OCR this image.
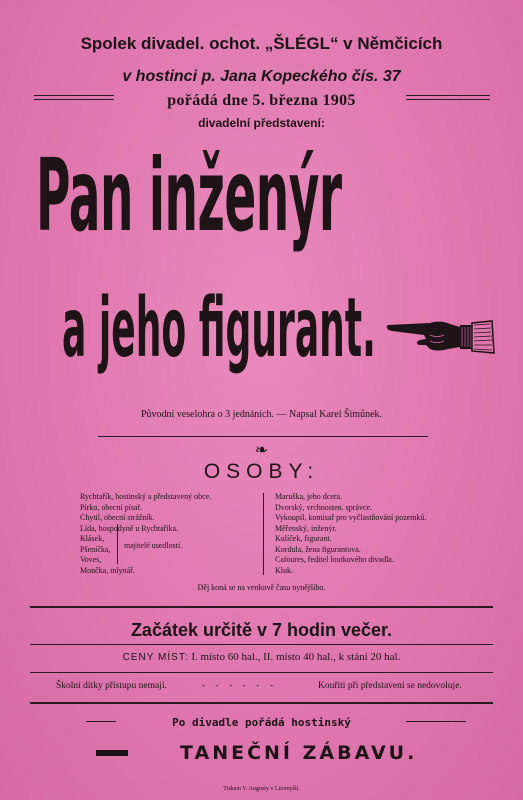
Spolek divadel. ochot. „ŠLÉGL“ v Němčicích
v hostinci p. Jana Kopeckého čís. 37
pořádá dne 5. března 1905
divadelní představení:
Pan inženýr
a jeho figurant.
Původní veselohra o 3 jednáních. — Napsal Karel Šimůnek.
❧
OSOBY:
Rychtařík, hostinský a představený obce.
Pírko, obecní písař.
Chytil, obecní strážník.
Lída, hospodyně u Rychtaříka.
Klásek,
Pšeníčka,
Voves,
Mončka, mlynář.
majitelé usedlostí.
Maruška, jeho dcera.
Dvorský, vrchnosten. správce.
Vykoupil, komisař pro vyčlastňování pozemků.
Měřenský, inženýr.
Kulíček, figurant.
Kordula, žena figurantova.
Cafoures, ředitel loutkového divadla.
Kluk.
Děj koná se na venkově času nynějšího.
Začátek určitě v 7 hodin večer.
CENY MÍST: I. místo 60 hal., II. místo 40 hal., k stání 20 hal.
Školní dítky přístupu nemají.	- - - - - -	Kouřiti při představení se nedovoluje.
Po divadle pořádá hostinský
TANEČNÍ ZÁBAVU.
Tiskem V. Augusty v Litomyšli.
